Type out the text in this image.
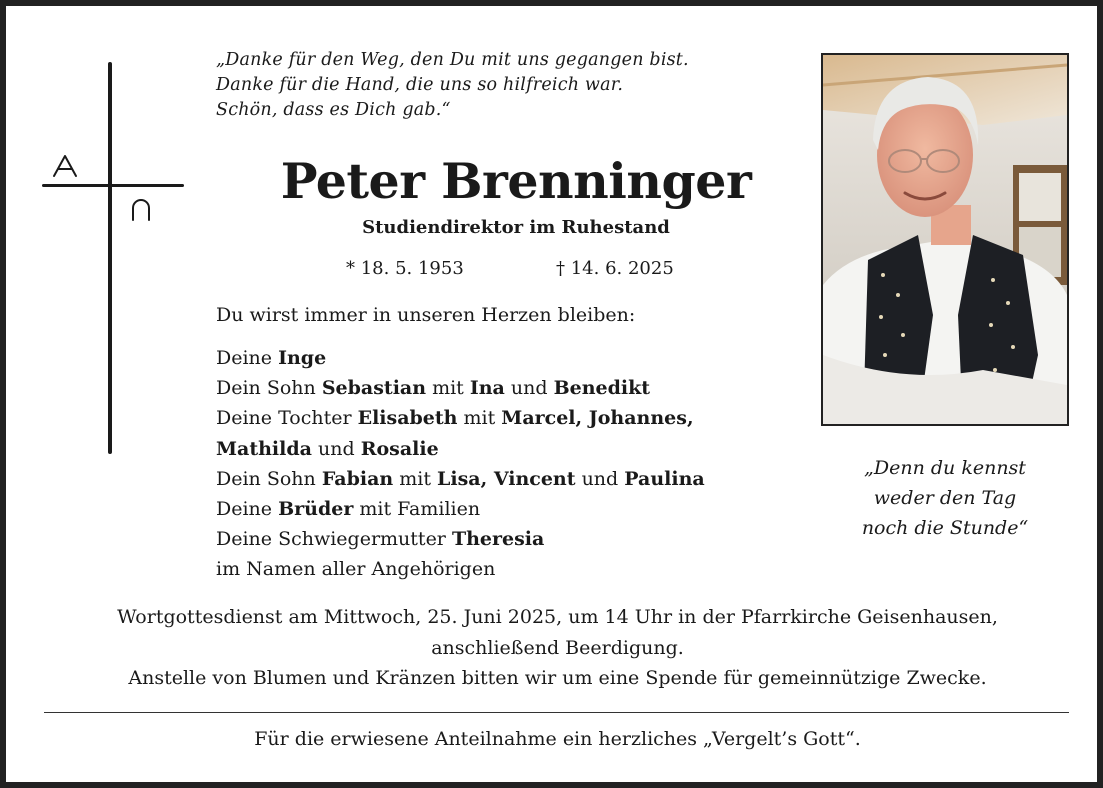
„Danke für den Weg, den Du mit uns gegangen bist.
Danke für die Hand, die uns so hilfreich war.
Schön, dass es Dich gab.“
Peter Brenninger
Studiendirektor im Ruhestand
* 18. 5. 1953	† 14. 6. 2025
Du wirst immer in unseren Herzen bleiben:
Deine Inge
Dein Sohn Sebastian mit Ina und Benedikt
Deine Tochter Elisabeth mit Marcel, Johannes,
Mathilda und Rosalie
Dein Sohn Fabian mit Lisa, Vincent und Paulina
Deine Brüder mit Familien
Deine Schwiegermutter Theresia
im Namen aller Angehörigen
„Denn du kennst
weder den Tag
noch die Stunde“
Wortgottesdienst am Mittwoch, 25. Juni 2025, um 14 Uhr in der Pfarrkirche Geisenhausen,
anschließend Beerdigung.
Anstelle von Blumen und Kränzen bitten wir um eine Spende für gemeinnützige Zwecke.
Für die erwiesene Anteilnahme ein herzliches „Vergelt’s Gott“.
